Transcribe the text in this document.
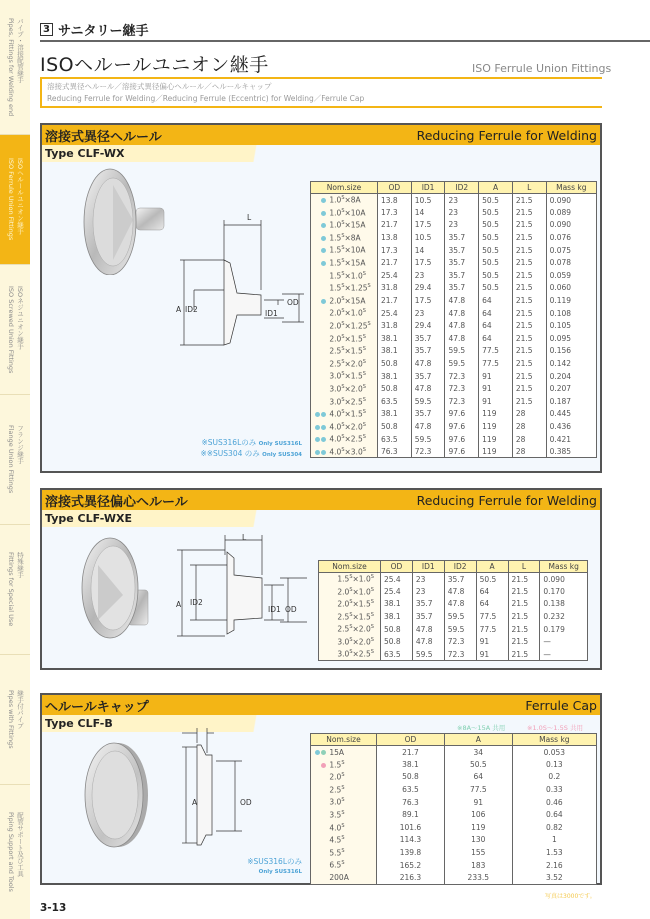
パイプ・溶接配管継手
Pipes, Fittings for Welding end
ISOヘルールユニオン継手
ISO Ferrule Union Fittings
ISOネジユニオン継手
ISO Screwed Union Fittings
フランジ継手
Flange Union Fittings
特殊継手
Fittings for Special Use
継手付パイプ
Pipes with Fittings
配管サポート及び工具
Piping Support and Tools
3 サニタリー継手
ISOヘルールユニオン継手	ISO Ferrule Union Fittings
溶接式異径ヘルール／溶接式異径偏心ヘルール／ヘルールキャップ
Reducing Ferrule for Welding／Reducing Ferrule (Eccentric) for Welding／Ferrule Cap
溶接式異径ヘルール	Reducing Ferrule for Welding
Type CLF-WX
L
A ID2	ID1
OD
Nom.size	OD	ID1	ID2	A	L	Mass kg
$1.0^S\times 8A$	13.8	10.5	23	50.5	21.5	0.090
$1.0^S\times 10A$	17.3	14	23	50.5	21.5	0.089
$1.0^S\times 15A$	21.7	17.5	23	50.5	21.5	0.090
$1.5^S\times 8A$	13.8	10.5	35.7	50.5	21.5	0.076
$1.5^S\times 10A$	17.3	14	35.7	50.5	21.5	0.075
$1.5^S\times 15A$	21.7	17.5	35.7	50.5	21.5	0.078
$1.5^S\times 1.0^S$	25.4	23	35.7	50.5	21.5	0.059
$1.5^S\times 1.25^S$	31.8	29.4	35.7	50.5	21.5	0.060
$2.0^S\times 15A$	21.7	17.5	47.8	64	21.5	0.119
$2.0^S\times 1.0^S$	25.4	23	47.8	64	21.5	0.108
$2.0^S\times 1.25^S$	31.8	29.4	47.8	64	21.5	0.105
$2.0^S\times 1.5^S$	38.1	35.7	47.8	64	21.5	0.095
$2.5^S\times 1.5^S$	38.1	35.7	59.5	77.5	21.5	0.156
$2.5^S\times 2.0^S$	50.8	47.8	59.5	77.5	21.5	0.142
$3.0^S\times 1.5^S$	38.1	35.7	72.3	91	21.5	0.204
$3.0^S\times 2.0^S$	50.8	47.8	72.3	91	21.5	0.207
$3.0^S\times 2.5^S$	63.5	59.5	72.3	91	21.5	0.187
$4.0^S\times 1.5^S$	38.1	35.7	97.6	119	28	0.445
$4.0^S\times 2.0^S$	50.8	47.8	97.6	119	28	0.436
$4.0^S\times 2.5^S$	63.5	59.5	97.6	119	28	0.421
$4.0^S\times 3.0^S$	76.3	72.3	97.6	119	28	0.385
※SUS316Lのみ Only SUS316L
※※SUS304 のみ Only SUS304
溶接式異径偏心ヘルール	Reducing Ferrule for Welding
Type CLF-WXE
L
A ID2
ID1 OD
Nom.size	OD	ID1	ID2	A	L	Mass kg
$1.5^S\times 1.0^S$	25.4	23	35.7	50.5	21.5	0.090
$2.0^S\times 1.0^S$	25.4	23	47.8	64	21.5	0.170
$2.0^S\times 1.5^S$	38.1	35.7	47.8	64	21.5	0.138
$2.5^S\times 1.5^S$	38.1	35.7	59.5	77.5	21.5	0.232
$2.5^S\times 2.0^S$	50.8	47.8	59.5	77.5	21.5	0.179
$3.0^S\times 2.0^S$	50.8	47.8	72.3	91	21.5	—
$3.0^S\times 2.5^S$	63.5	59.5	72.3	91	21.5	—
ヘルールキャップ	Ferrule Cap
Type CLF-B
A	OD
※8A～15A 共用	※1.0S～1.5S 共用
Nom.size	OD	A	Mass kg
15A	21.7	34	0.053
$1.5^S$	38.1	50.5	0.13
$2.0^S$	50.8	64	0.2
$2.5^S$	63.5	77.5	0.33
$3.0^S$	76.3	91	0.46
$3.5^S$	89.1	106	0.64
$4.0^S$	101.6	119	0.82
$4.5^S$	114.3	130	1
$5.5^S$	139.8	155	1.53
$6.5^S$	165.2	183	2.16
200A	216.3	233.5	3.52
※SUS316Lのみ
Only SUS316L
3-13
写真は3000です。
